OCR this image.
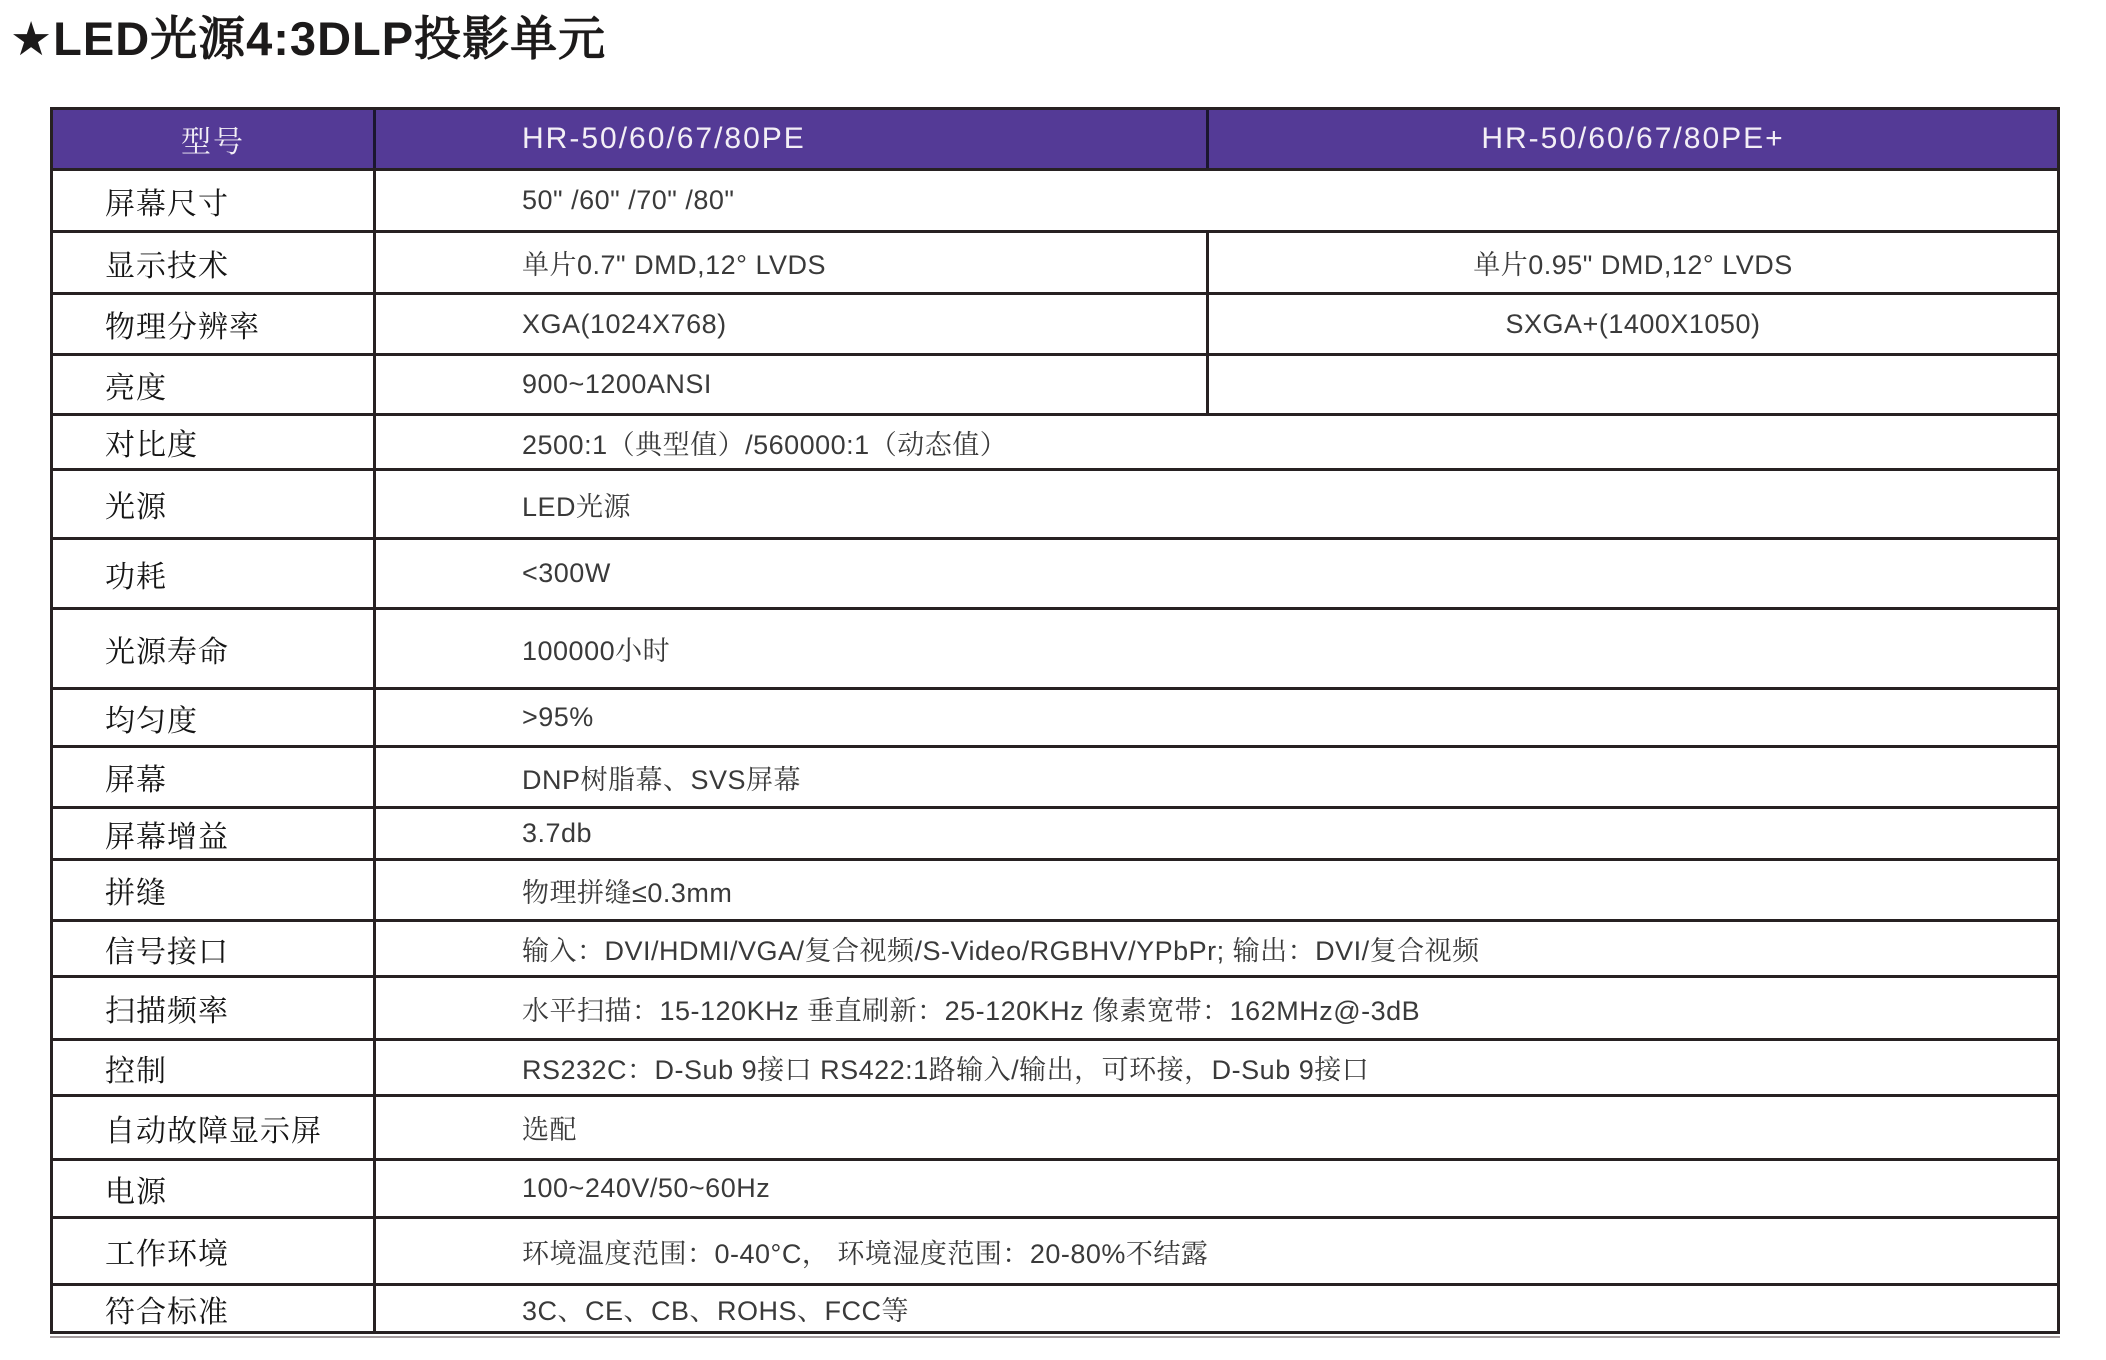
★LED光源4:3DLP投影单元
型号	HR-50/60/67/80PE	HR-50/60/67/80PE+
屏幕尺寸	50" /60" /70" /80"
显示技术	单片0.7" DMD,12° LVDS	单片0.95" DMD,12° LVDS
物理分辨率	XGA(1024X768)	SXGA+(1400X1050)
亮度	900~1200ANSI
对比度	2500:1（典型值）/560000:1（动态值）
光源	LED光源
功耗	<300W
光源寿命	100000小时
均匀度	>95%
屏幕	DNP树脂幕、SVS屏幕
屏幕增益	3.7db
拼缝	物理拼缝≤0.3mm
信号接口	输入：DVI/HDMI/VGA/复合视频/S-Video/RGBHV/YPbPr; 输出：DVI/复合视频
扫描频率	水平扫描：15-120KHz 垂直刷新：25-120KHz 像素宽带：162MHz@-3dB
控制	RS232C：D-Sub 9接口 RS422:1路输入/输出，可环接，D-Sub 9接口
自动故障显示屏	选配
电源	100~240V/50~60Hz
工作环境	环境温度范围：0-40°C， 环境湿度范围：20-80%不结露
符合标准	3C、CE、CB、ROHS、FCC等
